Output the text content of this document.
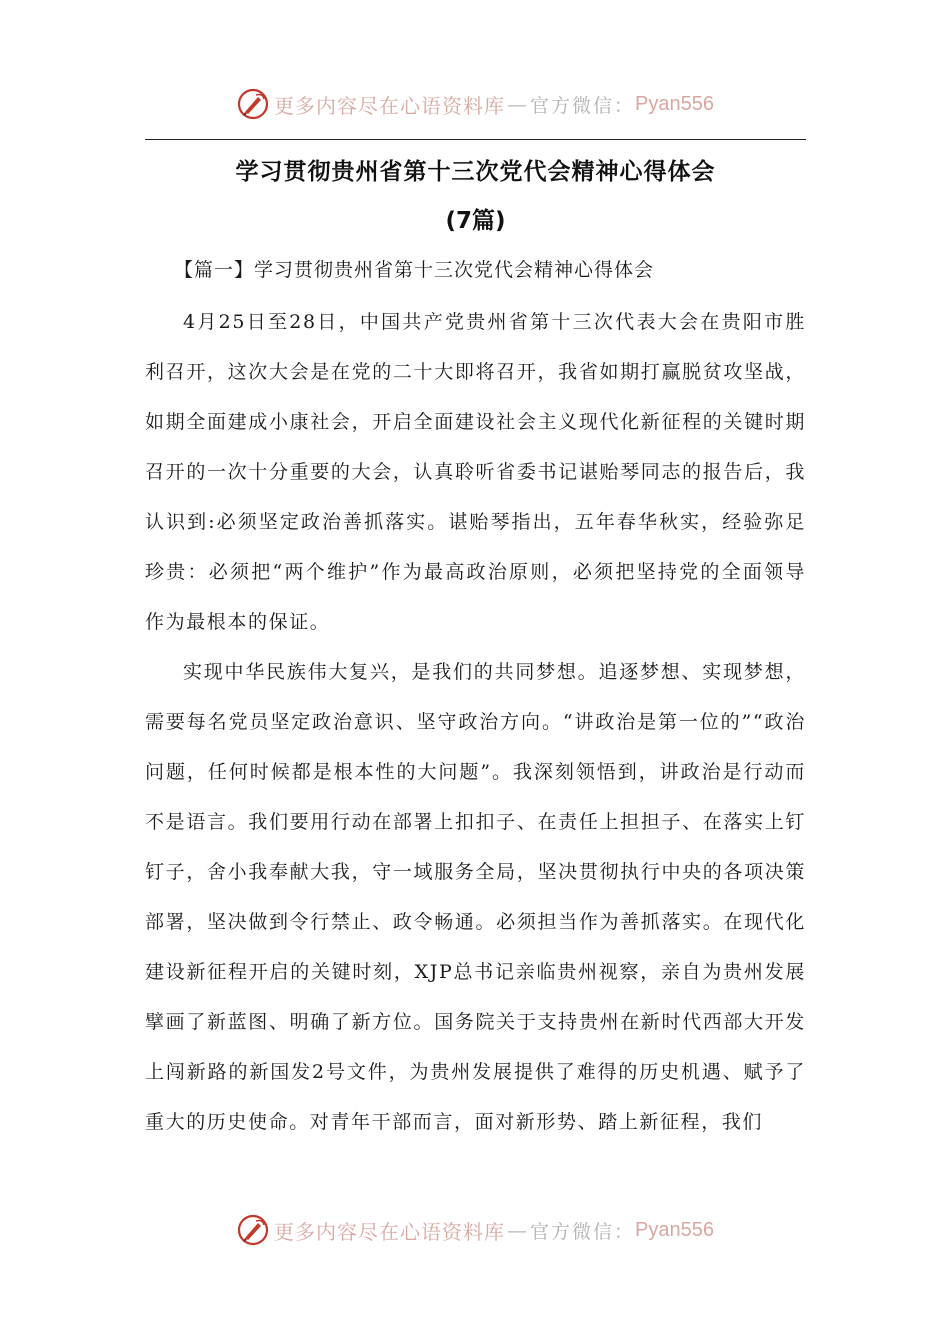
更多内容尽在心语资料库 — 官方微信： Pyan556
学习贯彻贵州省第十三次党代会精神心得体会
(7篇)
【篇一】学习贯彻贵州省第十三次党代会精神心得体会

4月25日至28日，中国共产党贵州省第十三次代表大会在贵阳市胜利召开，这次大会是在党的二十大即将召开，我省如期打赢脱贫攻坚战，如期全面建成小康社会，开启全面建设社会主义现代化新征程的关键时期召开的一次十分重要的大会，认真聆听省委书记谌贻琴同志的报告后，我认识到:必须坚定政治善抓落实。谌贻琴指出，五年春华秋实，经验弥足珍贵：必须把“两个维护”作为最高政治原则，必须把坚持党的全面领导作为最根本的保证。

实现中华民族伟大复兴，是我们的共同梦想。追逐梦想、实现梦想，需要每名党员坚定政治意识、坚守政治方向。“讲政治是第一位的”“政治问题，任何时候都是根本性的大问题”。我深刻领悟到，讲政治是行动而不是语言。我们要用行动在部署上扣扣子、在责任上担担子、在落实上钉钉子，舍小我奉献大我，守一域服务全局，坚决贯彻执行中央的各项决策部署，坚决做到令行禁止、政令畅通。必须担当作为善抓落实。在现代化建设新征程开启的关键时刻，XJP总书记亲临贵州视察，亲自为贵州发展擘画了新蓝图、明确了新方位。国务院关于支持贵州在新时代西部大开发上闯新路的新国发2号文件，为贵州发展提供了难得的历史机遇、赋予了重大的历史使命。对青年干部而言，面对新形势、踏上新征程，我们

更多内容尽在心语资料库 — 官方微信： Pyan556
